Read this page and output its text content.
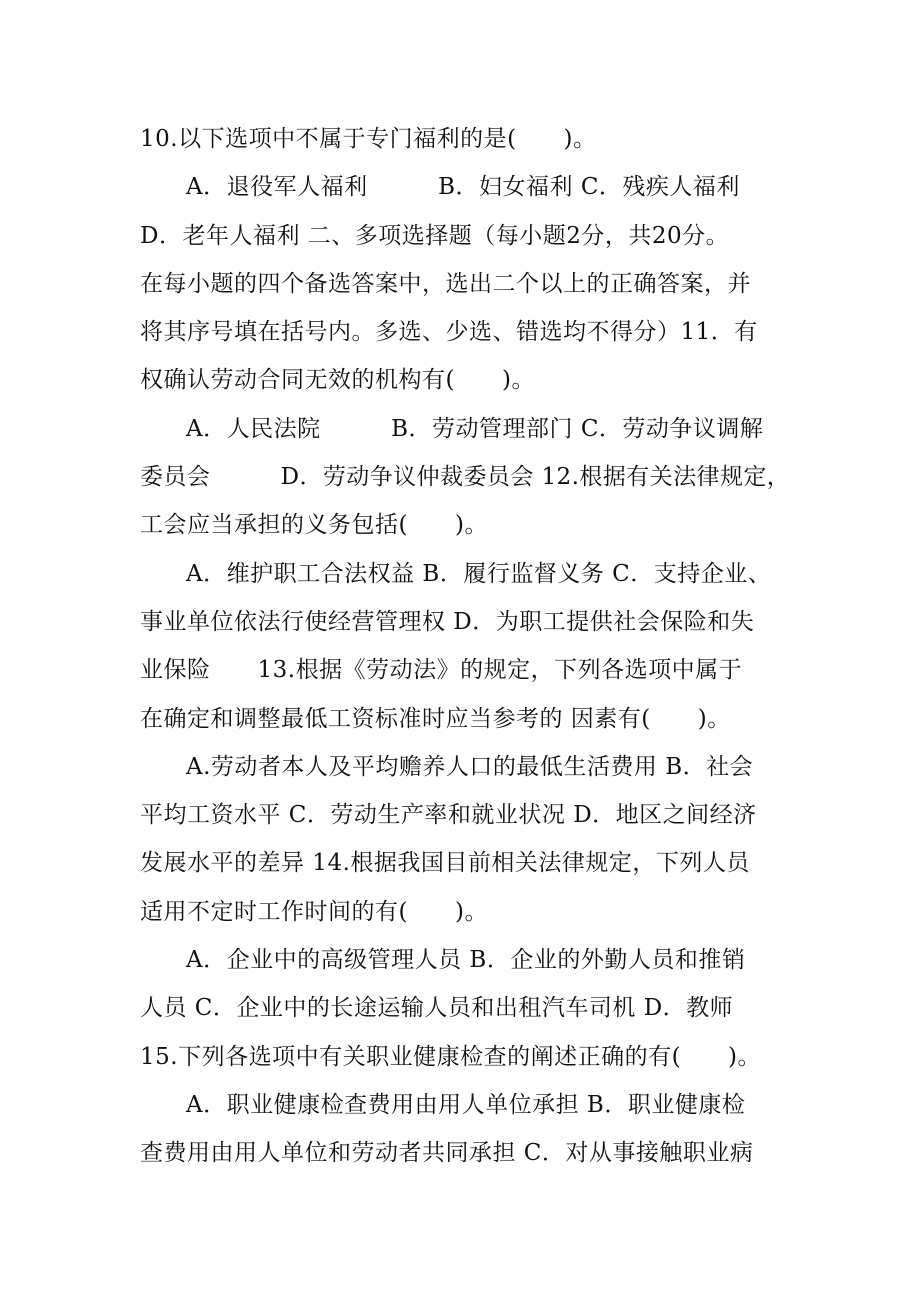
10.以下选项中不属于专门福利的是(　　)。
A．退役军人福利　　　B．妇女福利 C．残疾人福利
D．老年人福利 二、多项选择题（每小题2分，共20分。
在每小题的四个备选答案中，选出二个以上的正确答案，并
将其序号填在括号内。多选、少选、错选均不得分）11．有
权确认劳动合同无效的机构有(　　)。
A．人民法院　　　B．劳动管理部门 C．劳动争议调解
委员会　　　D．劳动争议仲裁委员会 12.根据有关法律规定，
工会应当承担的义务包括(　　)。
A．维护职工合法权益 B．履行监督义务 C．支持企业、
事业单位依法行使经营管理权 D．为职工提供社会保险和失
业保险　　13.根据《劳动法》的规定，下列各选项中属于
在确定和调整最低工资标准时应当参考的 因素有(　　)。
A.劳动者本人及平均赡养人口的最低生活费用 B．社会
平均工资水平 C．劳动生产率和就业状况 D．地区之间经济
发展水平的差异 14.根据我国目前相关法律规定，下列人员
适用不定时工作时间的有(　　)。
A．企业中的高级管理人员 B．企业的外勤人员和推销
人员 C．企业中的长途运输人员和出租汽车司机 D．教师
15.下列各选项中有关职业健康检查的阐述正确的有(　　)。
A．职业健康检查费用由用人单位承担 B．职业健康检
查费用由用人单位和劳动者共同承担 C．对从事接触职业病
